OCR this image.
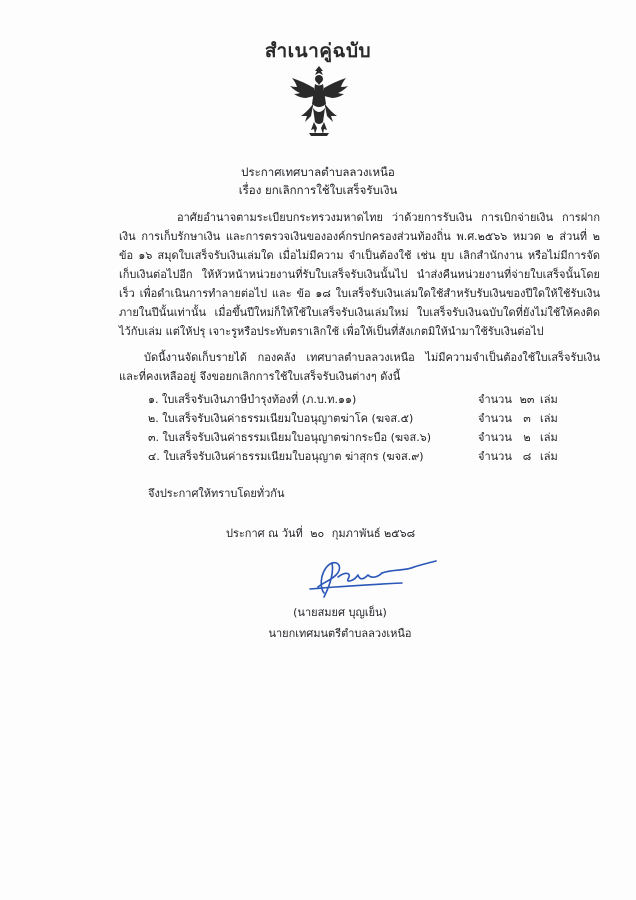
สำเนาคู่ฉบับ
ประกาศเทศบาลตำบลลวงเหนือ
เรื่อง ยกเลิกการใช้ใบเสร็จรับเงิน
อาศัยอำนาจตามระเบียบกระทรวงมหาดไทย ว่าด้วยการรับเงิน การเบิกจ่ายเงิน การฝากเงิน การเก็บรักษาเงิน และการตรวจเงินขององค์กรปกครองส่วนท้องถิ่น พ.ศ.๒๕๖๖ หมวด ๒ ส่วนที่ ๒ ข้อ ๑๖ สมุดใบเสร็จรับเงินเล่มใด เมื่อไม่มีความ จำเป็นต้องใช้ เช่น ยุบ เลิกสำนักงาน หรือไม่มีการจัดเก็บเงินต่อไปอีก ให้หัวหน้าหน่วยงานที่รับใบเสร็จรับเงินนั้นไป นำส่งคืนหน่วยงานที่จ่ายใบเสร็จนั้นโดยเร็ว เพื่อดำเนินการทำลายต่อไป และ ข้อ ๑๘ ใบเสร็จรับเงินเล่มใดใช้สำหรับรับเงินของปีใดให้ใช้รับเงินภายในปีนั้นเท่านั้น เมื่อขึ้นปีใหม่ก็ให้ใช้ใบเสร็จรับเงินเล่มใหม่ ใบเสร็จรับเงินฉบับใดที่ยังไม่ใช้ให้คงติดไว้กับเล่ม แต่ให้ปรุ เจาะรูหรือประทับตราเลิกใช้ เพื่อให้เป็นที่สังเกตมิให้นำมาใช้รับเงินต่อไป
บัดนี้งานจัดเก็บรายได้ กองคลัง เทศบาลตำบลลวงเหนือ ไม่มีความจำเป็นต้องใช้ใบเสร็จรับเงิน และที่คงเหลืออยู่ จึงขอยกเลิกการใช้ใบเสร็จรับเงินต่างๆ ดังนี้
๑. ใบเสร็จรับเงินภาษีบำรุงท้องที่ (ภ.บ.ท.๑๑)	จำนวน ๒๓ เล่ม
๒. ใบเสร็จรับเงินค่าธรรมเนียมใบอนุญาตฆ่าโค (ฆจส.๕)	จำนวน	๓ เล่ม
๓. ใบเสร็จรับเงินค่าธรรมเนียมใบอนุญาตฆ่ากระบือ (ฆจส.๖)	จำนวน	๒ เล่ม
๔. ใบเสร็จรับเงินค่าธรรมเนียมใบอนุญาต ฆ่าสุกร (ฆจส.๙)	จำนวน ๘ เล่ม
จึงประกาศให้ทราบโดยทั่วกัน
ประกาศ ณ วันที่ ๒๐ กุมภาพันธ์ ๒๕๖๘
(นายสมยศ บุญเย็น)
นายกเทศมนตรีตำบลลวงเหนือ
